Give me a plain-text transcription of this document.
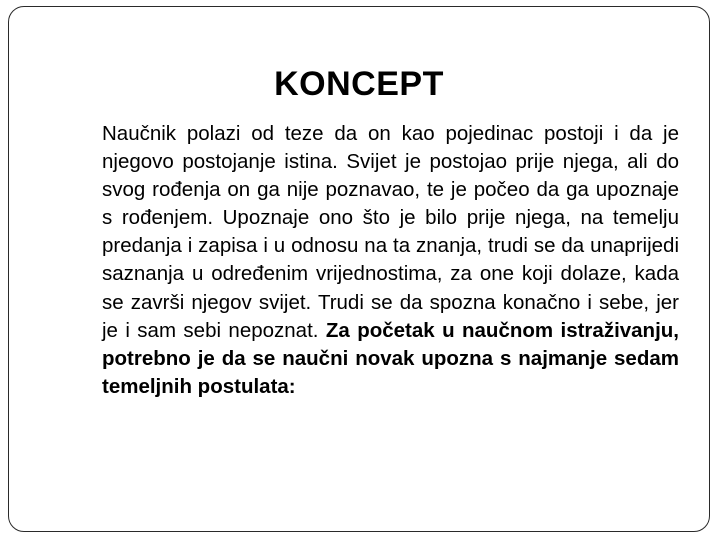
KONCEPT

Naučnik polazi od teze da on kao pojedinac postoji i da je njegovo postojanje istina. Svijet je postojao prije njega, ali do svog rođenja on ga nije poznavao, te je počeo da ga upoznaje s rođenjem. Upoznaje ono što je bilo prije njega, na temelju predanja i zapisa i u odnosu na ta znanja, trudi se da unaprijedi saznanja u određenim vrijednostima, za one koji dolaze, kada se završi njegov svijet. Trudi se da spozna konačno i sebe, jer je i sam sebi nepoznat. Za početak u naučnom istraživanju, potrebno je da se naučni novak upozna s najmanje sedam temeljnih postulata:
